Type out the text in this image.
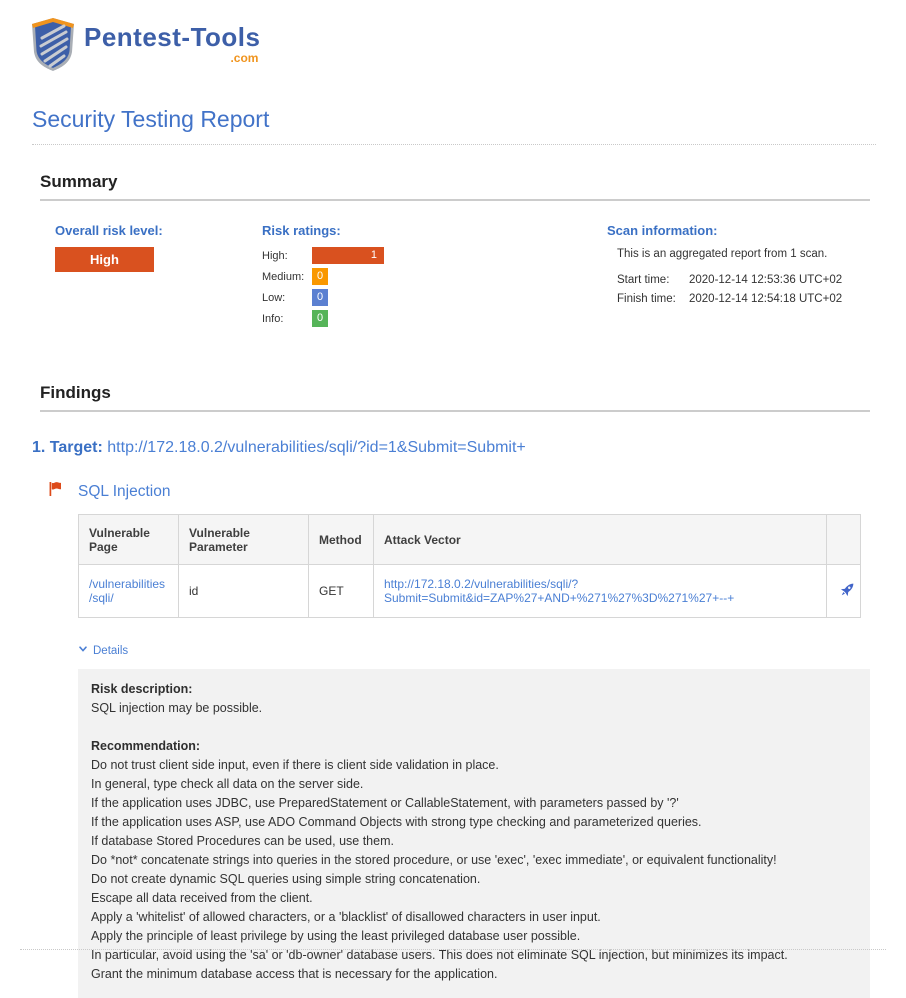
Pentest-Tools
.com
Security Testing Report
Summary
Overall risk level:
High
Risk ratings:
High:	1
Medium:	0
Low:	0
Info:	0
Scan information:
This is an aggregated report from 1 scan.
Start time:	2020-12-14 12:53:36 UTC+02
Finish time:	2020-12-14 12:54:18 UTC+02
Findings
1. Target: http://172.18.0.2/vulnerabilities/sqli/?id=1&Submit=Submit+
SQL Injection
Vulnerable Page	Vulnerable Parameter	Method	Attack Vector	
/vulnerabilities/sqli/	id	GET	http://172.18.0.2/vulnerabilities/sqli/?Submit=Submit&id=ZAP%27+AND+%271%27%3D%271%27+--+	
Details
Risk description:
SQL injection may be possible.
Recommendation:
Do not trust client side input, even if there is client side validation in place.
In general, type check all data on the server side.
If the application uses JDBC, use PreparedStatement or CallableStatement, with parameters passed by '?'
If the application uses ASP, use ADO Command Objects with strong type checking and parameterized queries.
If database Stored Procedures can be used, use them.
Do *not* concatenate strings into queries in the stored procedure, or use 'exec', 'exec immediate', or equivalent functionality!
Do not create dynamic SQL queries using simple string concatenation.
Escape all data received from the client.
Apply a 'whitelist' of allowed characters, or a 'blacklist' of disallowed characters in user input.
Apply the principle of least privilege by using the least privileged database user possible.
In particular, avoid using the 'sa' or 'db-owner' database users. This does not eliminate SQL injection, but minimizes its impact.
Grant the minimum database access that is necessary for the application.
